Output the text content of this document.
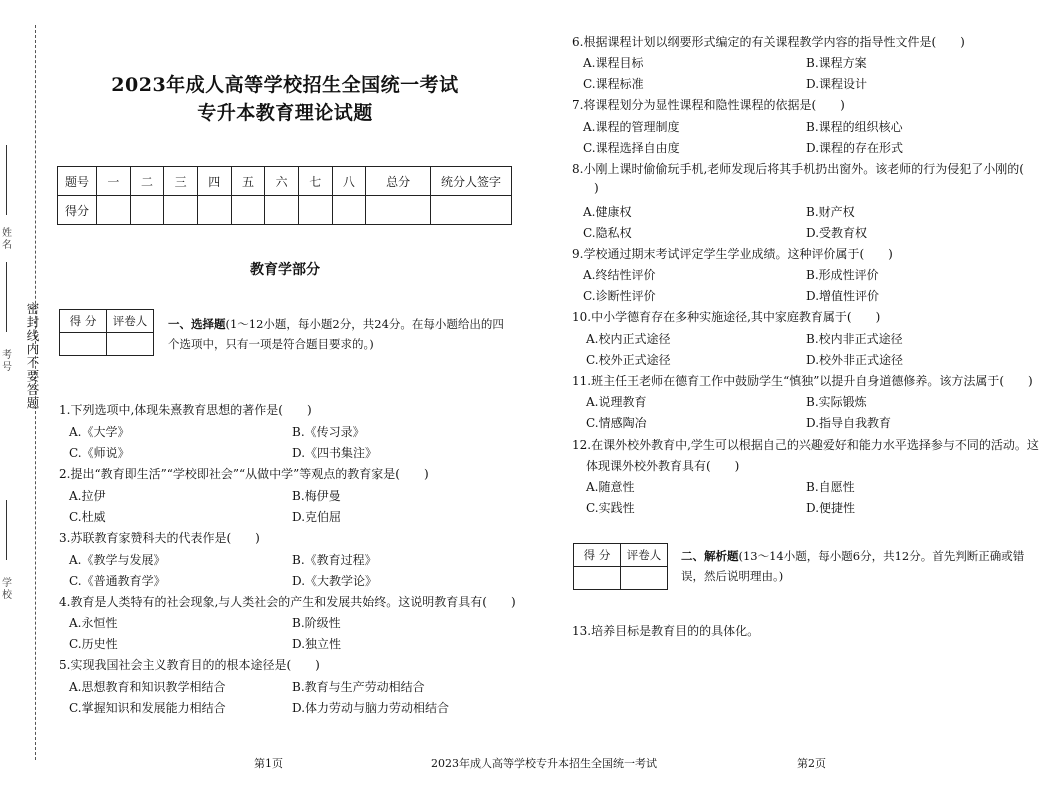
姓名
考号
学校
密封线内不要答题
2023年成人高等学校招生全国统一考试
专升本教育理论试题
题号	一	二	三	四	五	六	七	八	总分	统分人签字
得分										
教育学部分
得 分	评卷人
	一、选择题(1～12小题，每小题2分，共24分。在每小题给出的四
个选项中，只有一项是符合题目要求的。)
1.下列选项中,体现朱熹教育思想的著作是(　　)
A.《大学》	B.《传习录》
C.《师说》	D.《四书集注》
2.提出“教育即生活”“学校即社会”“从做中学”等观点的教育家是(　　)
A.拉伊	B.梅伊曼
C.杜威	D.克伯屈
3.苏联教育家赞科夫的代表作是(　　)
A.《教学与发展》	B.《教育过程》
C.《普通教育学》	D.《大教学论》
4.教育是人类特有的社会现象,与人类社会的产生和发展共始终。这说明教育具有(　　)
A.永恒性	B.阶级性
C.历史性	D.独立性
5.实现我国社会主义教育目的的根本途径是(　　)
A.思想教育和知识教学相结合	B.教育与生产劳动相结合
C.掌握知识和发展能力相结合	D.体力劳动与脑力劳动相结合
6.根据课程计划以纲要形式编定的有关课程教学内容的指导性文件是(　　)
A.课程目标	B.课程方案
C.课程标准	D.课程设计
7.将课程划分为显性课程和隐性课程的依据是(　　)
A.课程的管理制度	B.课程的组织核心
C.课程选择自由度	D.课程的存在形式
8.小刚上课时偷偷玩手机,老师发现后将其手机扔出窗外。该老师的行为侵犯了小刚的(
)
A.健康权	B.财产权
C.隐私权	D.受教育权
9.学校通过期末考试评定学生学业成绩。这种评价属于(　　)
A.终结性评价	B.形成性评价
C.诊断性评价	D.增值性评价
10.中小学德育存在多种实施途径,其中家庭教育属于(　　)
A.校内正式途径	B.校内非正式途径
C.校外正式途径	D.校外非正式途径
11.班主任王老师在德育工作中鼓励学生“慎独”以提升自身道德修养。该方法属于(　　)
A.说理教育	B.实际锻炼
C.情感陶冶	D.指导自我教育
12.在课外校外教育中,学生可以根据自己的兴趣爱好和能力水平选择参与不同的活动。这
体现课外校外教育具有(　　)
A.随意性	B.自愿性
C.实践性	D.便捷性
得 分	评卷人
	二、解析题(13～14小题，每小题6分，共12分。首先判断正确或错
误，然后说明理由。)
13.培养目标是教育目的的具体化。
第1页	2023年成人高等学校专升本招生全国统一考试	第2页
